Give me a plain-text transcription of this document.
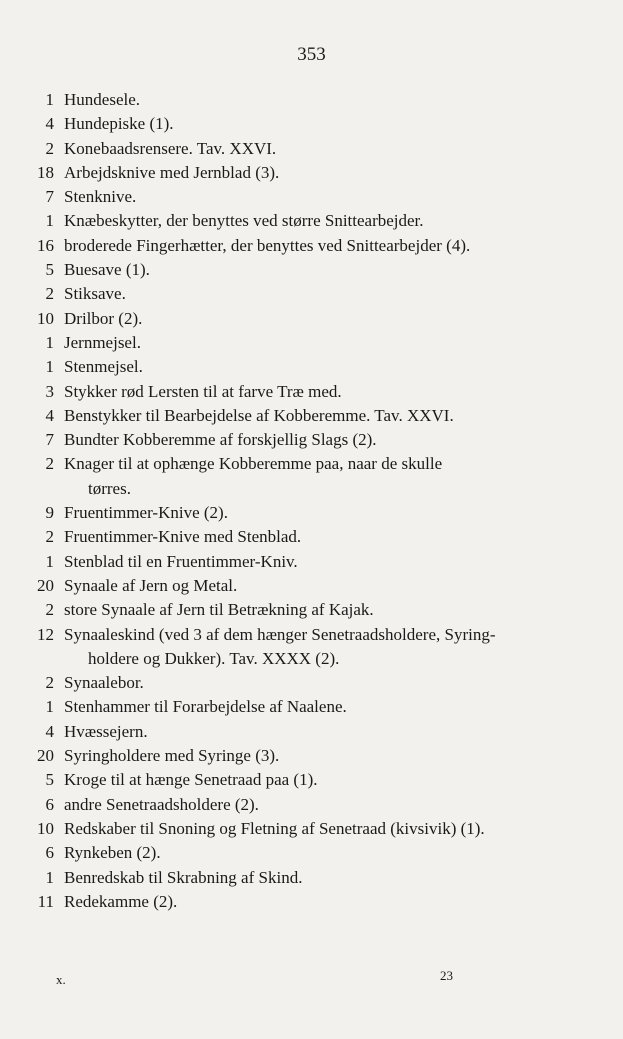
353
1 Hundesele.
4 Hundepiske (1).
2 Konebaadsrensere. Tav. XXVI.
18 Arbejdsknive med Jernblad (3).
7 Stenknive.
1 Knæbeskytter, der benyttes ved større Snittearbejder.
16 broderede Fingerhætter, der benyttes ved Snittearbejder (4).
5 Buesave (1).
2 Stiksave.
10 Drilbor (2).
1 Jernmejsel.
1 Stenmejsel.
3 Stykker rød Lersten til at farve Træ med.
4 Benstykker til Bearbejdelse af Kobberemme. Tav. XXVI.
7 Bundter Kobberemme af forskjellig Slags (2).
2 Knager til at ophænge Kobberemme paa, naar de skulle
tørres.
9 Fruentimmer-Knive (2).
2 Fruentimmer-Knive med Stenblad.
1 Stenblad til en Fruentimmer-Kniv.
20 Synaale af Jern og Metal.
2 store Synaale af Jern til Betrækning af Kajak.
12 Synaaleskind (ved 3 af dem hænger Senetraadsholdere, Syring-
holdere og Dukker). Tav. XXXX (2).
2 Synaalebor.
1 Stenhammer til Forarbejdelse af Naalene.
4 Hvæssejern.
20 Syringholdere med Syringe (3).
5 Kroge til at hænge Senetraad paa (1).
6 andre Senetraadsholdere (2).
10 Redskaber til Snoning og Fletning af Senetraad (kivsivik) (1).
6 Rynkeben (2).
1 Benredskab til Skrabning af Skind.
11 Redekamme (2).
x.	23
